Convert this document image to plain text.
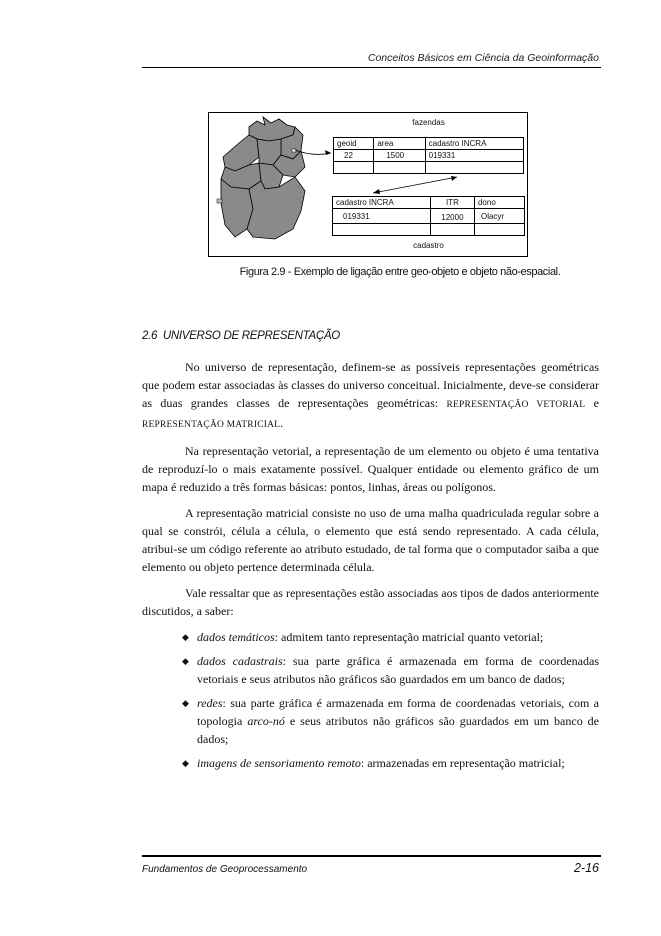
Conceitos Básicos em Ciência da Geoinformação
fazendas
geoid	area	cadastro INCRA
22	1500	019331

cadastro INCRA	ITR	dono
019331	12000	Olacyr

cadastro
Figura 2.9 - Exemplo de ligação entre geo-objeto e objeto não-espacial.
2.6 UNIVERSO DE REPRESENTAÇÃO

No universo de representação, definem-se as possíveis representações geométricas que podem estar associadas às classes do universo conceitual. Inicialmente, deve-se considerar as duas grandes classes de representações geométricas: REPRESENTAÇÃO VETORIAL e REPRESENTAÇÃO MATRICIAL.

Na representação vetorial, a representação de um elemento ou objeto é uma tentativa de reproduzí-lo o mais exatamente possível. Qualquer entidade ou elemento gráfico de um mapa é reduzido a três formas básicas: pontos, linhas, áreas ou polígonos.

A representação matricial consiste no uso de uma malha quadriculada regular sobre a qual se constrói, célula a célula, o elemento que está sendo representado. A cada célula, atribui-se um código referente ao atributo estudado, de tal forma que o computador saiba a que elemento ou objeto pertence determinada célula.

Vale ressaltar que as representações estão associadas aos tipos de dados anteriormente discutidos, a saber:

◆ dados temáticos: admitem tanto representação matricial quanto vetorial;
◆ dados cadastrais: sua parte gráfica é armazenada em forma de coordenadas vetoriais e seus atributos não gráficos são guardados em um banco de dados;
◆ redes: sua parte gráfica é armazenada em forma de coordenadas vetoriais, com a topologia arco-nó e seus atributos não gráficos são guardados em um banco de dados;
◆ imagens de sensoriamento remoto: armazenadas em representação matricial;
Fundamentos de Geoprocessamento	2-16
